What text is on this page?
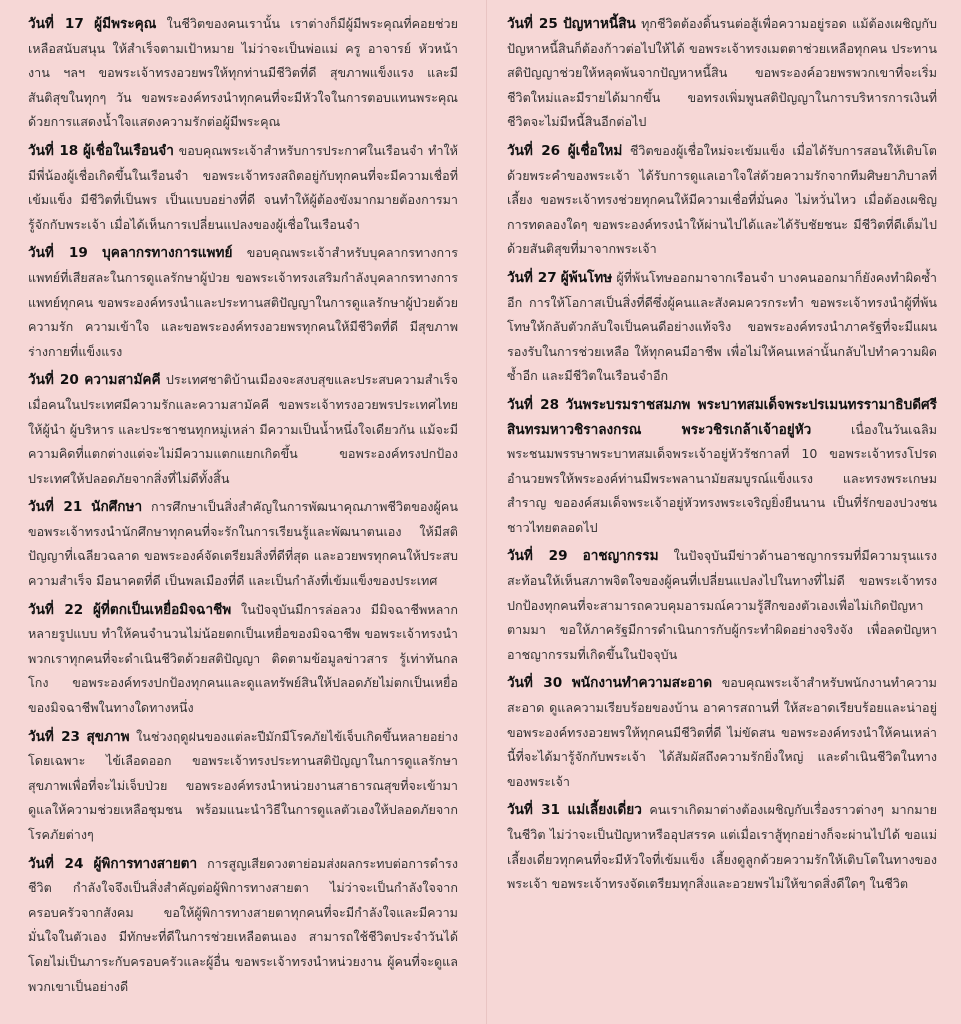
วันที่ 17 ผู้มีพระคุณ ในชีวิตของคนเรานั้น เราต่างก็มีผู้มีพระคุณที่คอยช่วยเหลือสนับสนุน ให้สำเร็จตามเป้าหมาย ไม่ว่าจะเป็นพ่อแม่ ครู อาจารย์ หัวหน้างาน ฯลฯ ขอพระเจ้าทรงอวยพรให้ทุกท่านมีชีวิตที่ดี สุขภาพแข็งแรง และมีสันติสุขในทุกๆ วัน ขอพระองค์ทรงนำทุกคนที่จะมีหัวใจในการตอบแทนพระคุณ ด้วยการแสดงน้ำใจแสดงความรักต่อผู้มีพระคุณ

วันที่ 18 ผู้เชื่อในเรือนจำ ขอบคุณพระเจ้าสำหรับการประกาศในเรือนจำ ทำให้มีพี่น้องผู้เชื่อเกิดขึ้นในเรือนจำ ขอพระเจ้าทรงสถิตอยู่กับทุกคนที่จะมีความเชื่อที่เข้มแข็ง มีชีวิตที่เป็นพร เป็นแบบอย่างที่ดี จนทำให้ผู้ต้องขังมากมายต้องการมารู้จักกับพระเจ้า เมื่อได้เห็นการเปลี่ยนแปลงของผู้เชื่อในเรือนจำ

วันที่ 19 บุคลากรทางการแพทย์ ขอบคุณพระเจ้าสำหรับบุคลากรทางการแพทย์ที่เสียสละในการดูแลรักษาผู้ป่วย ขอพระเจ้าทรงเสริมกำลังบุคลากรทางการแพทย์ทุกคน ขอพระองค์ทรงนำและประทานสติปัญญาในการดูแลรักษาผู้ป่วยด้วยความรัก ความเข้าใจ และขอพระองค์ทรงอวยพรทุกคนให้มีชีวิตที่ดี มีสุขภาพร่างกายที่แข็งแรง

วันที่ 20 ความสามัคคี ประเทศชาติบ้านเมืองจะสงบสุขและประสบความสำเร็จเมื่อคนในประเทศมีความรักและความสามัคคี ขอพระเจ้าทรงอวยพรประเทศไทยให้ผู้นำ ผู้บริหาร และประชาชนทุกหมู่เหล่า มีความเป็นน้ำหนึ่งใจเดียวกัน แม้จะมีความคิดที่แตกต่างแต่จะไม่มีความแตกแยกเกิดขึ้น ขอพระองค์ทรงปกป้องประเทศให้ปลอดภัยจากสิ่งที่ไม่ดีทั้งสิ้น

วันที่ 21 นักศึกษา การศึกษาเป็นสิ่งสำคัญในการพัฒนาคุณภาพชีวิตของผู้คน ขอพระเจ้าทรงนำนักศึกษาทุกคนที่จะรักในการเรียนรู้และพัฒนาตนเอง ให้มีสติปัญญาที่เฉลียวฉลาด ขอพระองค์จัดเตรียมสิ่งที่ดีที่สุด และอวยพรทุกคนให้ประสบความสำเร็จ มีอนาคตที่ดี เป็นพลเมืองที่ดี และเป็นกำลังที่เข้มแข็งของประเทศ

วันที่ 22 ผู้ที่ตกเป็นเหยื่อมิจฉาชีพ ในปัจจุบันมีการล่อลวง มีมิจฉาชีพหลากหลายรูปแบบ ทำให้คนจำนวนไม่น้อยตกเป็นเหยื่อของมิจฉาชีพ ขอพระเจ้าทรงนำพวกเราทุกคนที่จะดำเนินชีวิตด้วยสติปัญญา ติดตามข้อมูลข่าวสาร รู้เท่าทันกลโกง ขอพระองค์ทรงปกป้องทุกคนและดูแลทรัพย์สินให้ปลอดภัยไม่ตกเป็นเหยื่อของมิจฉาชีพในทางใดทางหนึ่ง

วันที่ 23 สุขภาพ ในช่วงฤดูฝนของแต่ละปีมักมีโรคภัยไข้เจ็บเกิดขึ้นหลายอย่าง โดยเฉพาะ ไข้เลือดออก ขอพระเจ้าทรงประทานสติปัญญาในการดูแลรักษาสุขภาพเพื่อที่จะไม่เจ็บป่วย ขอพระองค์ทรงนำหน่วยงานสาธารณสุขที่จะเข้ามาดูแลให้ความช่วยเหลือชุมชน พร้อมแนะนำวิธีในการดูแลตัวเองให้ปลอดภัยจากโรคภัยต่างๆ

วันที่ 24 ผู้พิการทางสายตา การสูญเสียดวงตาย่อมส่งผลกระทบต่อการดำรงชีวิต กำลังใจจึงเป็นสิ่งสำคัญต่อผู้พิการทางสายตา ไม่ว่าจะเป็นกำลังใจจากครอบครัวจากสังคม ขอให้ผู้พิการทางสายตาทุกคนที่จะมีกำลังใจและมีความมั่นใจในตัวเอง มีทักษะที่ดีในการช่วยเหลือตนเอง สามารถใช้ชีวิตประจำวันได้โดยไม่เป็นภาระกับครอบครัวและผู้อื่น ขอพระเจ้าทรงนำหน่วยงาน ผู้คนที่จะดูแลพวกเขาเป็นอย่างดี

วันที่ 25 ปัญหาหนี้สิน ทุกชีวิตต้องดิ้นรนต่อสู้เพื่อความอยู่รอด แม้ต้องเผชิญกับปัญหาหนี้สินก็ต้องก้าวต่อไปให้ได้ ขอพระเจ้าทรงเมตตาช่วยเหลือทุกคน ประทานสติปัญญาช่วยให้หลุดพ้นจากปัญหาหนี้สิน ขอพระองค์อวยพรพวกเขาที่จะเริ่มชีวิตใหม่และมีรายได้มากขึ้น ขอทรงเพิ่มพูนสติปัญญาในการบริหารการเงินที่ชีวิตจะไม่มีหนี้สินอีกต่อไป

วันที่ 26 ผู้เชื่อใหม่ ชีวิตของผู้เชื่อใหม่จะเข้มแข็ง เมื่อได้รับการสอนให้เติบโตด้วยพระคำของพระเจ้า ได้รับการดูแลเอาใจใส่ด้วยความรักจากทีมศิษยาภิบาลที่เลี้ยง ขอพระเจ้าทรงช่วยทุกคนให้มีความเชื่อที่มั่นคง ไม่หวั่นไหว เมื่อต้องเผชิญการทดลองใดๆ ขอพระองค์ทรงนำให้ผ่านไปได้และได้รับชัยชนะ มีชีวิตที่ดีเต็มไปด้วยสันติสุขที่มาจากพระเจ้า

วันที่ 27 ผู้พ้นโทษ ผู้ที่พ้นโทษออกมาจากเรือนจำ บางคนออกมาก็ยังคงทำผิดซ้ำอีก การให้โอกาสเป็นสิ่งที่ดีซึ่งผู้คนและสังคมควรกระทำ ขอพระเจ้าทรงนำผู้ที่พ้นโทษให้กลับตัวกลับใจเป็นคนดีอย่างแท้จริง ขอพระองค์ทรงนำภาครัฐที่จะมีแผนรองรับในการช่วยเหลือ ให้ทุกคนมีอาชีพ เพื่อไม่ให้คนเหล่านั้นกลับไปทำความผิดซ้ำอีก และมีชีวิตในเรือนจำอีก

วันที่ 28 วันพระบรมราชสมภพ พระบาทสมเด็จพระปรเมนทรรามาธิบดีศรีสินทรมหาวชิราลงกรณ พระวชิรเกล้าเจ้าอยู่หัว	เนื่องในวันเฉลิมพระชนมพรรษาพระบาทสมเด็จพระเจ้าอยู่หัวรัชกาลที่ 10 ขอพระเจ้าทรงโปรดอำนวยพรให้พระองค์ท่านมีพระพลานามัยสมบูรณ์แข็งแรง และทรงพระเกษมสำราญ ขอองค์สมเด็จพระเจ้าอยู่หัวทรงพระเจริญยิ่งยืนนาน เป็นที่รักของปวงชนชาวไทยตลอดไป

วันที่ 29 อาชญากรรม ในปัจจุบันมีข่าวด้านอาชญากรรมที่มีความรุนแรง สะท้อนให้เห็นสภาพจิตใจของผู้คนที่เปลี่ยนแปลงไปในทางที่ไม่ดี ขอพระเจ้าทรงปกป้องทุกคนที่จะสามารถควบคุมอารมณ์ความรู้สึกของตัวเองเพื่อไม่เกิดปัญหาตามมา ขอให้ภาครัฐมีการดำเนินการกับผู้กระทำผิดอย่างจริงจัง เพื่อลดปัญหาอาชญากรรมที่เกิดขึ้นในปัจจุบัน

วันที่ 30 พนักงานทำความสะอาด ขอบคุณพระเจ้าสำหรับพนักงานทำความสะอาด ดูแลความเรียบร้อยของบ้าน อาคารสถานที่ ให้สะอาดเรียบร้อยและน่าอยู่ ขอพระองค์ทรงอวยพรให้ทุกคนมีชีวิตที่ดี ไม่ขัดสน ขอพระองค์ทรงนำให้คนเหล่านี้ที่จะได้มารู้จักกับพระเจ้า ได้สัมผัสถึงความรักยิ่งใหญ่ และดำเนินชีวิตในทางของพระเจ้า

วันที่ 31 แม่เลี้ยงเดี่ยว คนเราเกิดมาต่างต้องเผชิญกับเรื่องราวต่างๆ มากมายในชีวิต ไม่ว่าจะเป็นปัญหาหรืออุปสรรค แต่เมื่อเราสู้ทุกอย่างก็จะผ่านไปได้ ขอแม่เลี้ยงเดี่ยวทุกคนที่จะมีหัวใจที่เข้มแข็ง เลี้ยงดูลูกด้วยความรักให้เติบโตในทางของพระเจ้า ขอพระเจ้าทรงจัดเตรียมทุกสิ่งและอวยพรไม่ให้ขาดสิ่งดีใดๆ ในชีวิต
